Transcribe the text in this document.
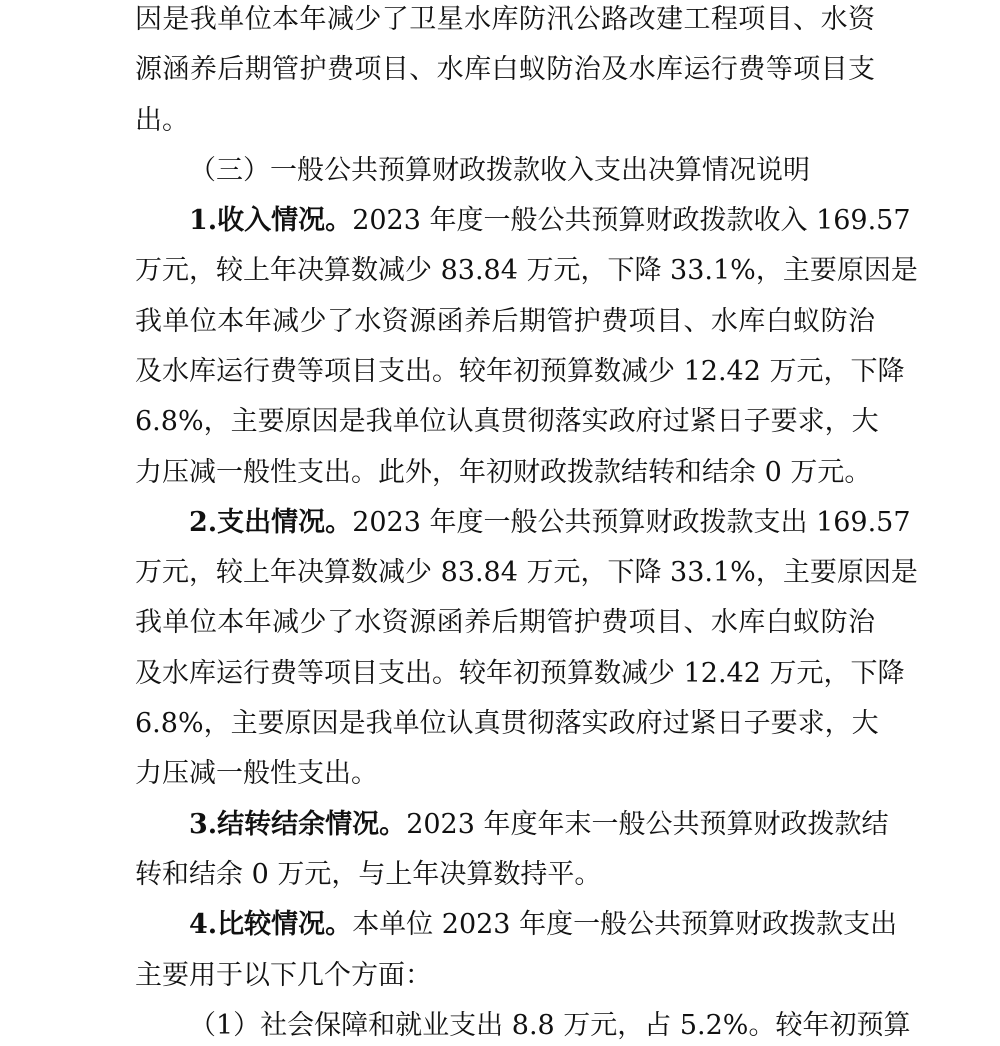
因是我单位本年减少了卫星水库防汛公路改建工程项目、水资
源涵养后期管护费项目、水库白蚁防治及水库运行费等项目支
出。
（三）一般公共预算财政拨款收入支出决算情况说明
1.收入情况。2023 年度一般公共预算财政拨款收入 169.57
万元，较上年决算数减少 83.84 万元，下降 33.1%，主要原因是
我单位本年减少了水资源函养后期管护费项目、水库白蚁防治
及水库运行费等项目支出。较年初预算数减少 12.42 万元，下降
6.8%，主要原因是我单位认真贯彻落实政府过紧日子要求，大
力压减一般性支出。此外，年初财政拨款结转和结余 0 万元。
2.支出情况。2023 年度一般公共预算财政拨款支出 169.57
万元，较上年决算数减少 83.84 万元，下降 33.1%，主要原因是
我单位本年减少了水资源函养后期管护费项目、水库白蚁防治
及水库运行费等项目支出。较年初预算数减少 12.42 万元，下降
6.8%，主要原因是我单位认真贯彻落实政府过紧日子要求，大
力压减一般性支出。
3.结转结余情况。2023 年度年末一般公共预算财政拨款结
转和结余 0 万元，与上年决算数持平。
4.比较情况。本单位 2023 年度一般公共预算财政拨款支出
主要用于以下几个方面：
（1）社会保障和就业支出 8.8 万元，占 5.2%。较年初预算
